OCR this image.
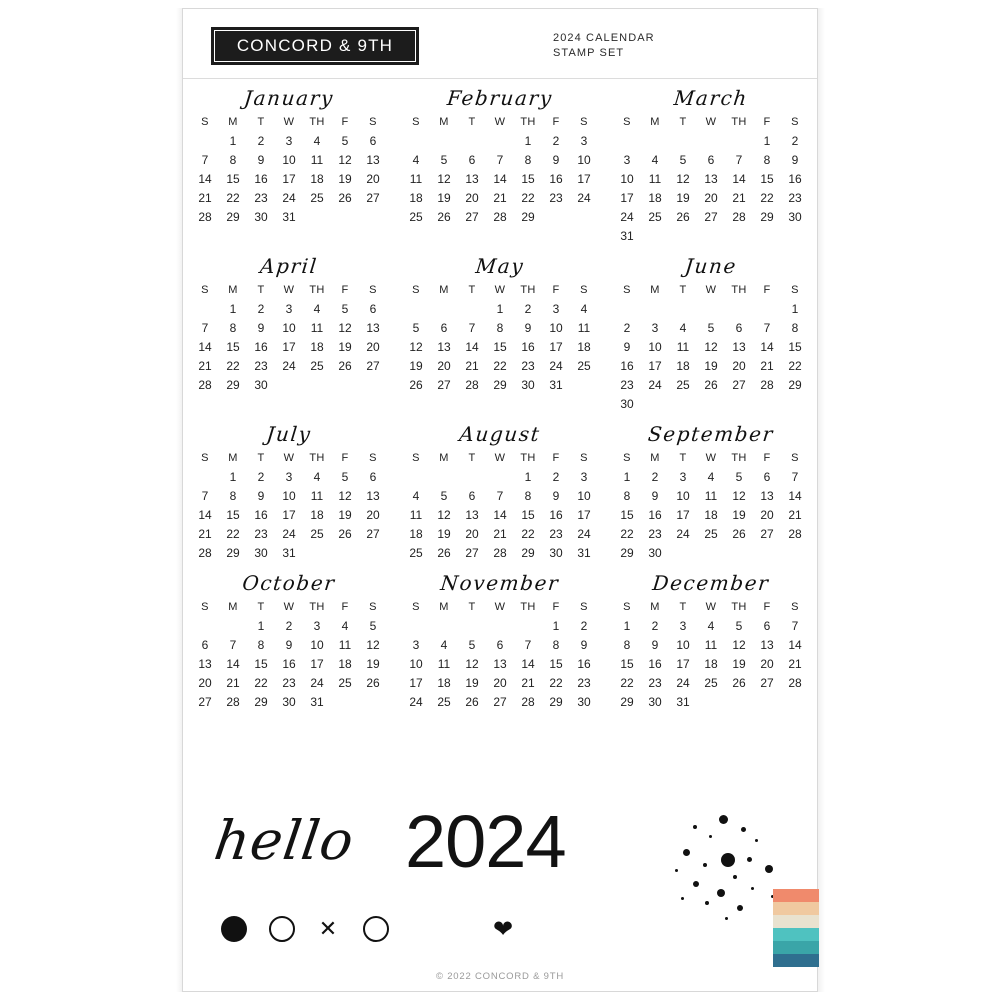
CONCORD & 9TH	2024 CALENDAR
STAMP SET
January
S	M	T	W	TH	F	S
	1	2	3	4	5	6
7	8	9	10	11	12	13
14	15	16	17	18	19	20
21	22	23	24	25	26	27
28	29	30	31			
February
S	M	T	W	TH	F	S
				1	2	3
4	5	6	7	8	9	10
11	12	13	14	15	16	17
18	19	20	21	22	23	24
25	26	27	28	29		
March
S	M	T	W	TH	F	S
					1	2
3	4	5	6	7	8	9
10	11	12	13	14	15	16
17	18	19	20	21	22	23
24	25	26	27	28	29	30
31						
April
S	M	T	W	TH	F	S
	1	2	3	4	5	6
7	8	9	10	11	12	13
14	15	16	17	18	19	20
21	22	23	24	25	26	27
28	29	30				
May
S	M	T	W	TH	F	S
			1	2	3	4
5	6	7	8	9	10	11
12	13	14	15	16	17	18
19	20	21	22	23	24	25
26	27	28	29	30	31	
June
S	M	T	W	TH	F	S
						1
2	3	4	5	6	7	8
9	10	11	12	13	14	15
16	17	18	19	20	21	22
23	24	25	26	27	28	29
30						
July
S	M	T	W	TH	F	S
	1	2	3	4	5	6
7	8	9	10	11	12	13
14	15	16	17	18	19	20
21	22	23	24	25	26	27
28	29	30	31			
August
S	M	T	W	TH	F	S
				1	2	3
4	5	6	7	8	9	10
11	12	13	14	15	16	17
18	19	20	21	22	23	24
25	26	27	28	29	30	31
September
S	M	T	W	TH	F	S
1	2	3	4	5	6	7
8	9	10	11	12	13	14
15	16	17	18	19	20	21
22	23	24	25	26	27	28
29	30					
October
S	M	T	W	TH	F	S
		1	2	3	4	5
6	7	8	9	10	11	12
13	14	15	16	17	18	19
20	21	22	23	24	25	26
27	28	29	30	31		
November
S	M	T	W	TH	F	S
					1	2
3	4	5	6	7	8	9
10	11	12	13	14	15	16
17	18	19	20	21	22	23
24	25	26	27	28	29	30
December
S	M	T	W	TH	F	S
1	2	3	4	5	6	7
8	9	10	11	12	13	14
15	16	17	18	19	20	21
22	23	24	25	26	27	28
29	30	31				
hello 2024
✕	❤
© 2022 CONCORD & 9TH
